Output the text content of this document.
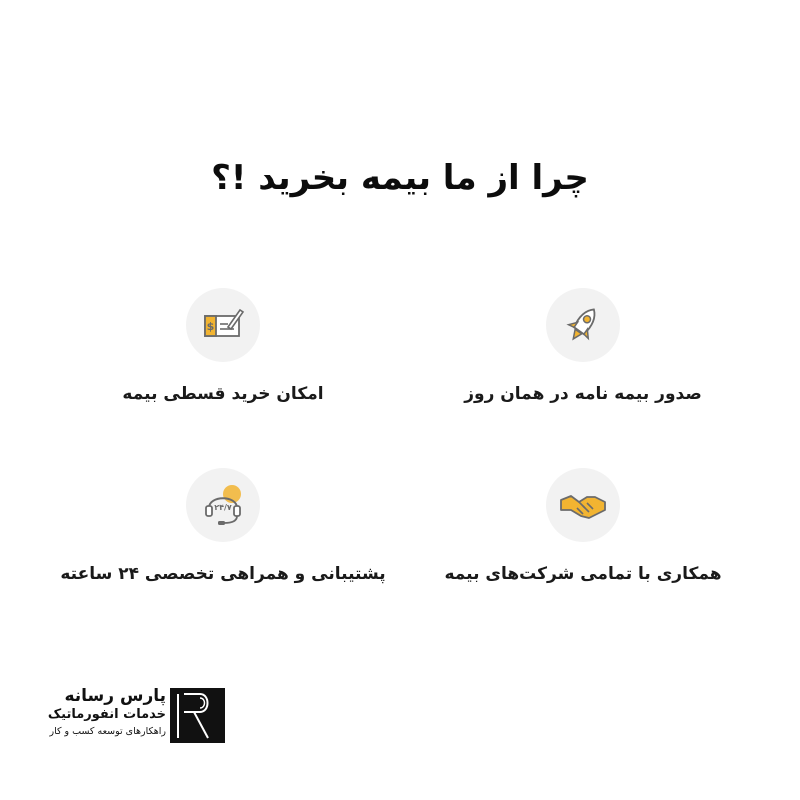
چرا از ما بیمه بخرید !؟
صدور بیمه نامه در همان روز
$
امکان خرید قسطی بیمه
همکاری با تمامی شرکت‌های بیمه
۲۴/۷
پشتیبانی و همراهی تخصصی ۲۴ ساعته
پارس رسانه
خدمات انفورماتیک
راهکارهای توسعه کسب و کار
